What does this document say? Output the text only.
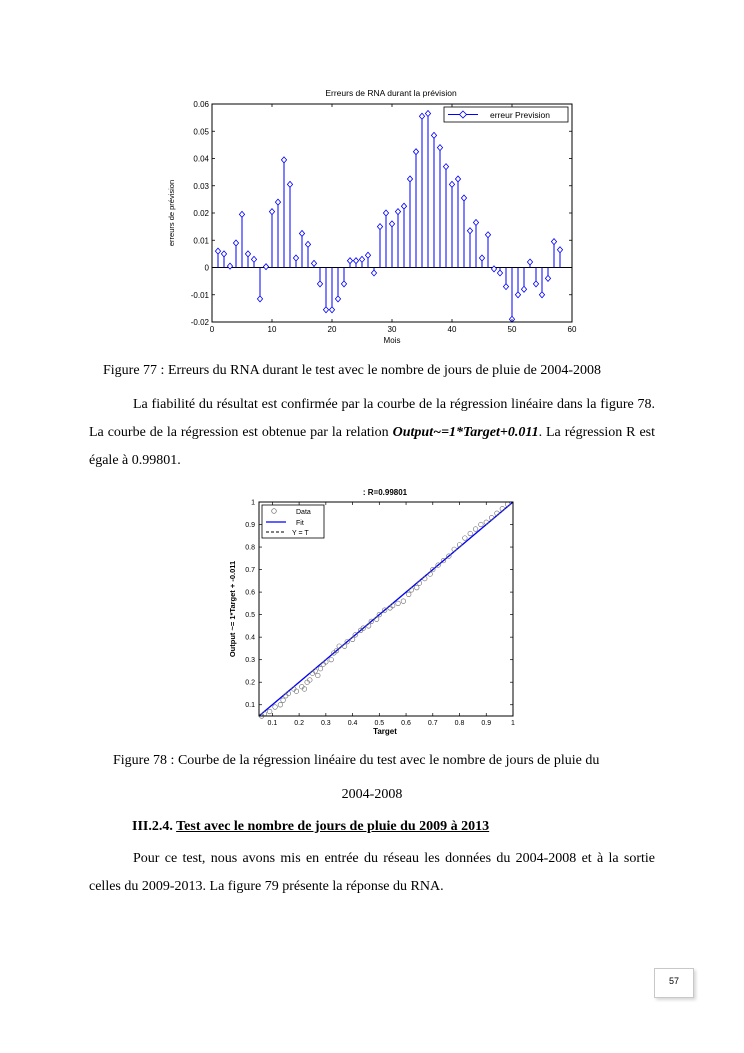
Erreurs de RNA durant la prévision
0	10	20	30	40	50	60
-0.02
-0.01
0
0.01
0.02
0.03
0.04
0.05
0.06
Mois
erreurs de prévision
erreur Prevision
Figure 77 : Erreurs du RNA durant le test avec le nombre de jours de pluie de 2004-2008

La fiabilité du résultat est confirmée par la courbe de la régression linéaire dans la figure 78. La courbe de la régression est obtenue par la relation Output~=1*Target+0.011. La régression R est égale à 0.99801.

: R=0.99801
0.1 0.2 0.3 0.4 0.5 0.6 0.7 0.8 0.9	1
0.1
0.2
0.3
0.4
0.5
0.6
0.7
0.8
0.9
1
Target
Output ~= 1*Target + -0.011
Data
Fit
Y = T
Figure 78 : Courbe de la régression linéaire du test avec le nombre de jours de pluie du
2004-2008
III.2.4. Test avec le nombre de jours de pluie du 2009 à 2013

Pour ce test, nous avons mis en entrée du réseau les données du 2004-2008 et à la sortie celles du 2009-2013. La figure 79 présente la réponse du RNA.

57
